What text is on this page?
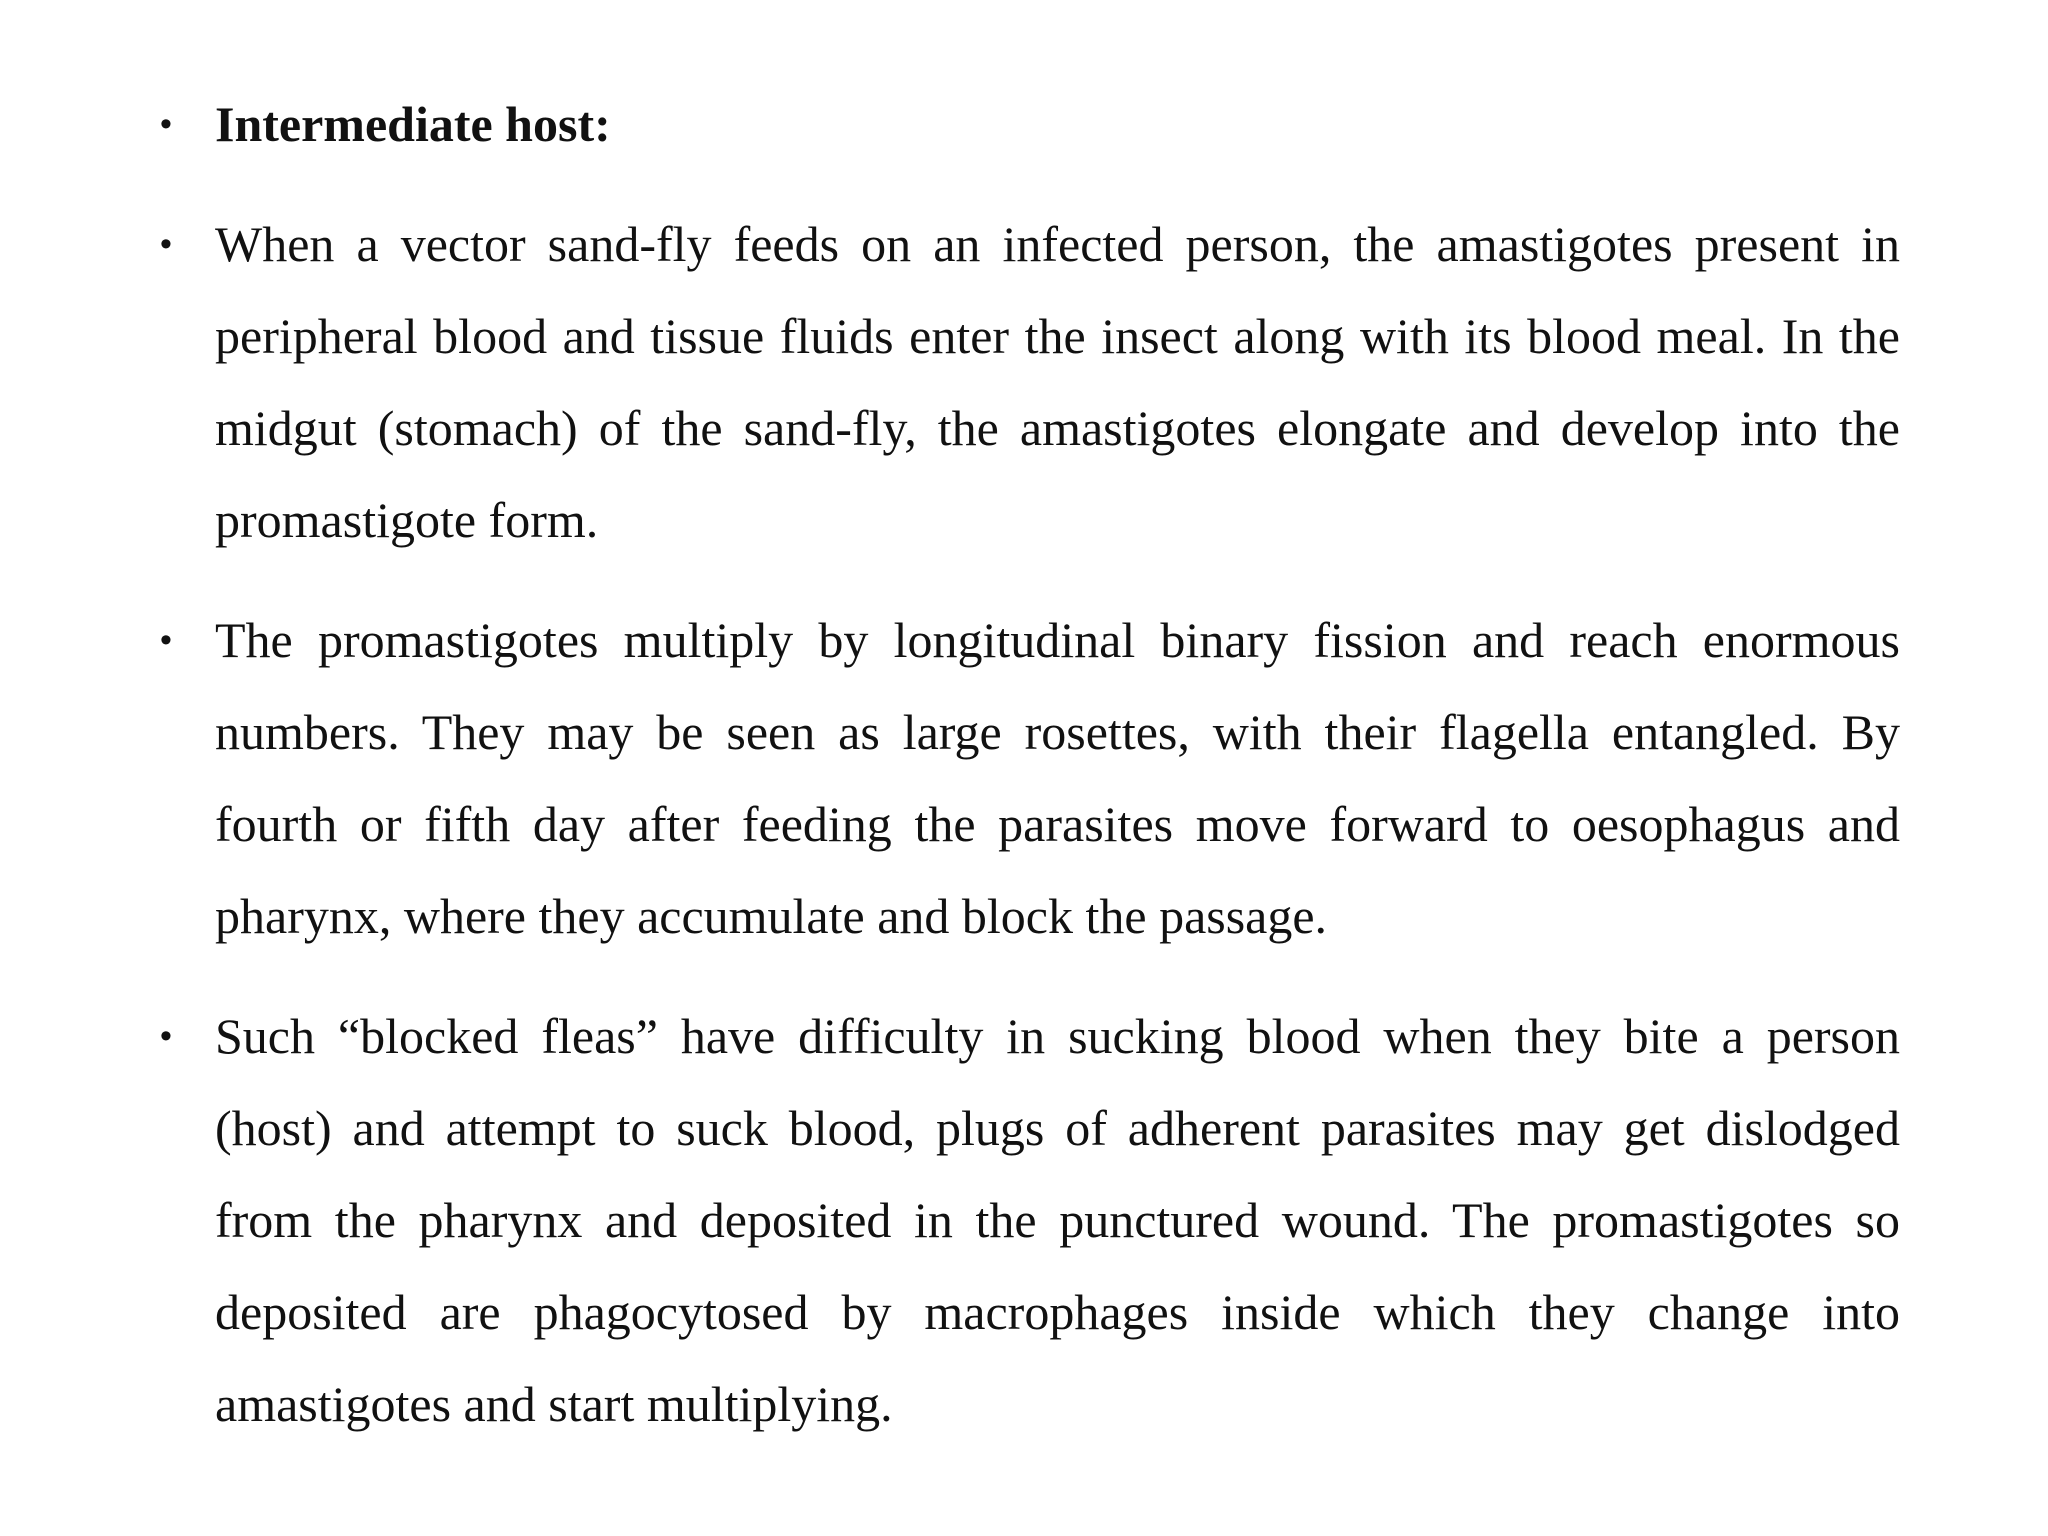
• Intermediate host:
• When a vector sand-fly feeds on an infected person, the amastigotes present in peripheral blood and tissue fluids enter the insect along with its blood meal. In the midgut (stomach) of the sand-fly, the amastigotes elongate and develop into the promastigote form.
• The promastigotes multiply by longitudinal binary fission and reach enormous numbers. They may be seen as large rosettes, with their flagella entangled. By fourth or fifth day after feeding the parasites move forward to oesophagus and pharynx, where they accumulate and block the passage.
• Such “blocked fleas” have difficulty in sucking blood when they bite a person (host) and attempt to suck blood, plugs of adherent parasites may get dislodged from the pharynx and deposited in the punctured wound. The promastigotes so deposited are phagocytosed by macrophages inside which they change into amastigotes and start multiplying.
